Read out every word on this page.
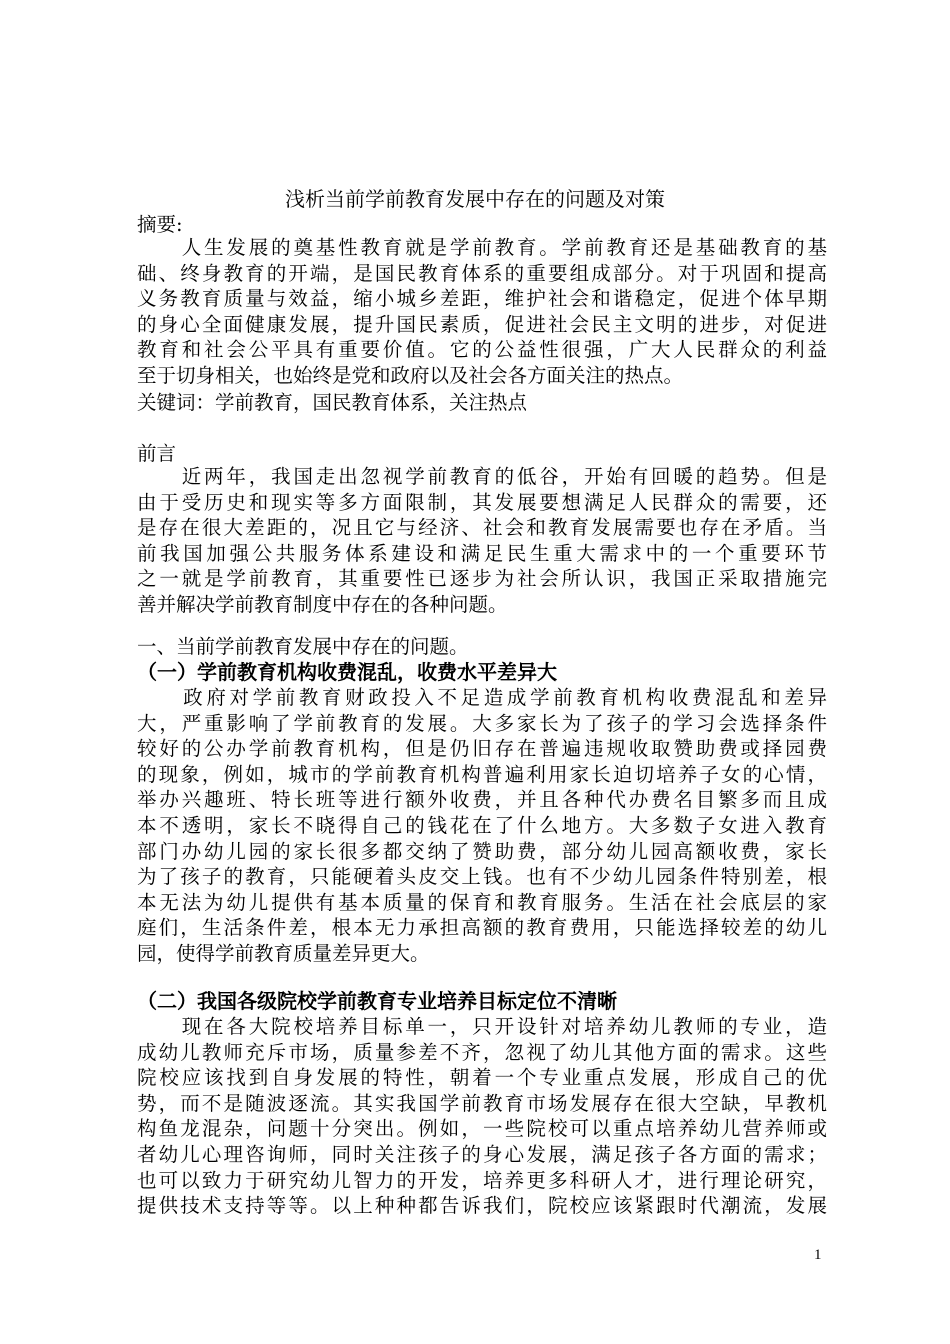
浅析当前学前教育发展中存在的问题及对策
摘要:
　　人生发展的奠基性教育就是学前教育。学前教育还是基础教育的基
础、终身教育的开端，是国民教育体系的重要组成部分。对于巩固和提高
义务教育质量与效益，缩小城乡差距，维护社会和谐稳定，促进个体早期
的身心全面健康发展，提升国民素质，促进社会民主文明的进步，对促进
教育和社会公平具有重要价值。它的公益性很强，广大人民群众的利益
至于切身相关，也始终是党和政府以及社会各方面关注的热点。
关键词：学前教育，国民教育体系，关注热点
前言
　　近两年，我国走出忽视学前教育的低谷，开始有回暖的趋势。但是
由于受历史和现实等多方面限制，其发展要想满足人民群众的需要，还
是存在很大差距的，况且它与经济、社会和教育发展需要也存在矛盾。当
前我国加强公共服务体系建设和满足民生重大需求中的一个重要环节
之一就是学前教育，其重要性已逐步为社会所认识，我国正采取措施完
善并解决学前教育制度中存在的各种问题。
一、当前学前教育发展中存在的问题。
（一）学前教育机构收费混乱，收费水平差异大
　　政府对学前教育财政投入不足造成学前教育机构收费混乱和差异
大，严重影响了学前教育的发展。大多家长为了孩子的学习会选择条件
较好的公办学前教育机构，但是仍旧存在普遍违规收取赞助费或择园费
的现象，例如，城市的学前教育机构普遍利用家长迫切培养子女的心情，
举办兴趣班、特长班等进行额外收费，并且各种代办费名目繁多而且成
本不透明，家长不晓得自己的钱花在了什么地方。大多数子女进入教育
部门办幼儿园的家长很多都交纳了赞助费，部分幼儿园高额收费，家长
为了孩子的教育，只能硬着头皮交上钱。也有不少幼儿园条件特别差，根
本无法为幼儿提供有基本质量的保育和教育服务。生活在社会底层的家
庭们，生活条件差，根本无力承担高额的教育费用，只能选择较差的幼儿
园，使得学前教育质量差异更大。
（二）我国各级院校学前教育专业培养目标定位不清晰
　　现在各大院校培养目标单一，只开设针对培养幼儿教师的专业，造
成幼儿教师充斥市场，质量参差不齐，忽视了幼儿其他方面的需求。这些
院校应该找到自身发展的特性，朝着一个专业重点发展，形成自己的优
势，而不是随波逐流。其实我国学前教育市场发展存在很大空缺，早教机
构鱼龙混杂，问题十分突出。例如，一些院校可以重点培养幼儿营养师或
者幼儿心理咨询师，同时关注孩子的身心发展，满足孩子各方面的需求；
也可以致力于研究幼儿智力的开发，培养更多科研人才，进行理论研究，
提供技术支持等等。以上种种都告诉我们，院校应该紧跟时代潮流，发展
1
